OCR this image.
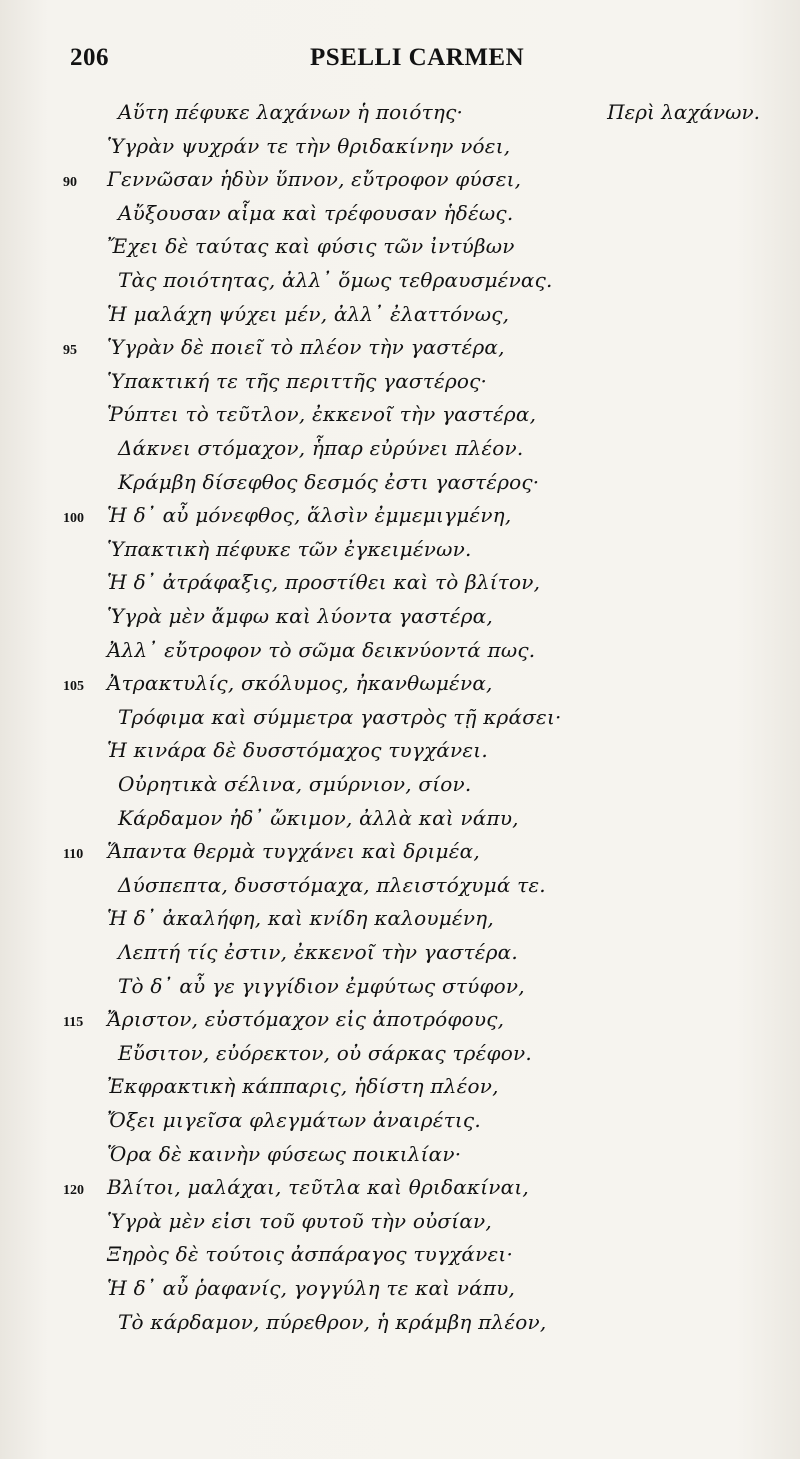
206	PSELLI CARMEN
Αὕτη πέφυκε λαχάνων ἡ ποιότης·	Περὶ λαχάνων.
Ὑγρὰν ψυχράν τε τὴν θριδακίνην νόει,
90 Γεννῶσαν ἡδὺν ὕπνον, εὔτροφον φύσει,
Αὔξουσαν αἷμα καὶ τρέφουσαν ἡδέως.
Ἔχει δὲ ταύτας καὶ φύσις τῶν ἰντύβων
Τὰς ποιότητας, ἀλλ᾽ ὅμως τεθραυσμένας.
Ἡ μαλάχη ψύχει μέν, ἀλλ᾽ ἐλαττόνως,
95 Ὑγρὰν δὲ ποιεῖ τὸ πλέον τὴν γαστέρα,
Ὑπακτική τε τῆς περιττῆς γαστέρος·
Ῥύπτει τὸ τεῦτλον, ἐκκενοῖ τὴν γαστέρα,
Δάκνει στόμαχον, ἧπαρ εὐρύνει πλέον.
Κράμβη δίσεφθος δεσμός ἐστι γαστέρος·
100 Ἡ δ᾽ αὖ μόνεφθος, ἅλσὶν ἐμμεμιγμένη,
Ὑπακτικὴ πέφυκε τῶν ἐγκειμένων.
Ἡ δ᾽ ἀτράφαξις, προστίθει καὶ τὸ βλίτον,
Ὑγρὰ μὲν ἄμφω καὶ λύοντα γαστέρα,
Ἀλλ᾽ εὔτροφον τὸ σῶμα δεικνύοντά πως.
105 Ἀτρακτυλίς, σκόλυμος, ἠκανθωμένα,
Τρόφιμα καὶ σύμμετρα γαστρὸς τῇ κράσει·
Ἡ κινάρα δὲ δυσστόμαχος τυγχάνει.
Οὐρητικὰ σέλινα, σμύρνιον, σίον.
Κάρδαμον ἠδ᾽ ὤκιμον, ἀλλὰ καὶ νάπυ,
110 Ἅπαντα θερμὰ τυγχάνει καὶ δριμέα,
Δύσπεπτα, δυσστόμαχα, πλειστόχυμά τε.
Ἡ δ᾽ ἀκαλήφη, καὶ κνίδη καλουμένη,
Λεπτή τίς ἐστιν, ἐκκενοῖ τὴν γαστέρα.
Τὸ δ᾽ αὖ γε γιγγίδιον ἐμφύτως στύφον,
115 Ἄριστον, εὐστόμαχον εἰς ἀποτρόφους,
Εὔσιτον, εὐόρεκτον, οὐ σάρκας τρέφον.
Ἐκφρακτικὴ κάππαρις, ἡδίστη πλέον,
Ὄξει μιγεῖσα φλεγμάτων ἀναιρέτις.
Ὅρα δὲ καινὴν φύσεως ποικιλίαν·
120 Βλίτοι, μαλάχαι, τεῦτλα καὶ θριδακίναι,
Ὑγρὰ μὲν εἰσι τοῦ φυτοῦ τὴν οὐσίαν,
Ξηρὸς δὲ τούτοις ἀσπάραγος τυγχάνει·
Ἡ δ᾽ αὖ ῥαφανίς, γογγύλη τε καὶ νάπυ,
Τὸ κάρδαμον, πύρεθρον, ἡ κράμβη πλέον,
